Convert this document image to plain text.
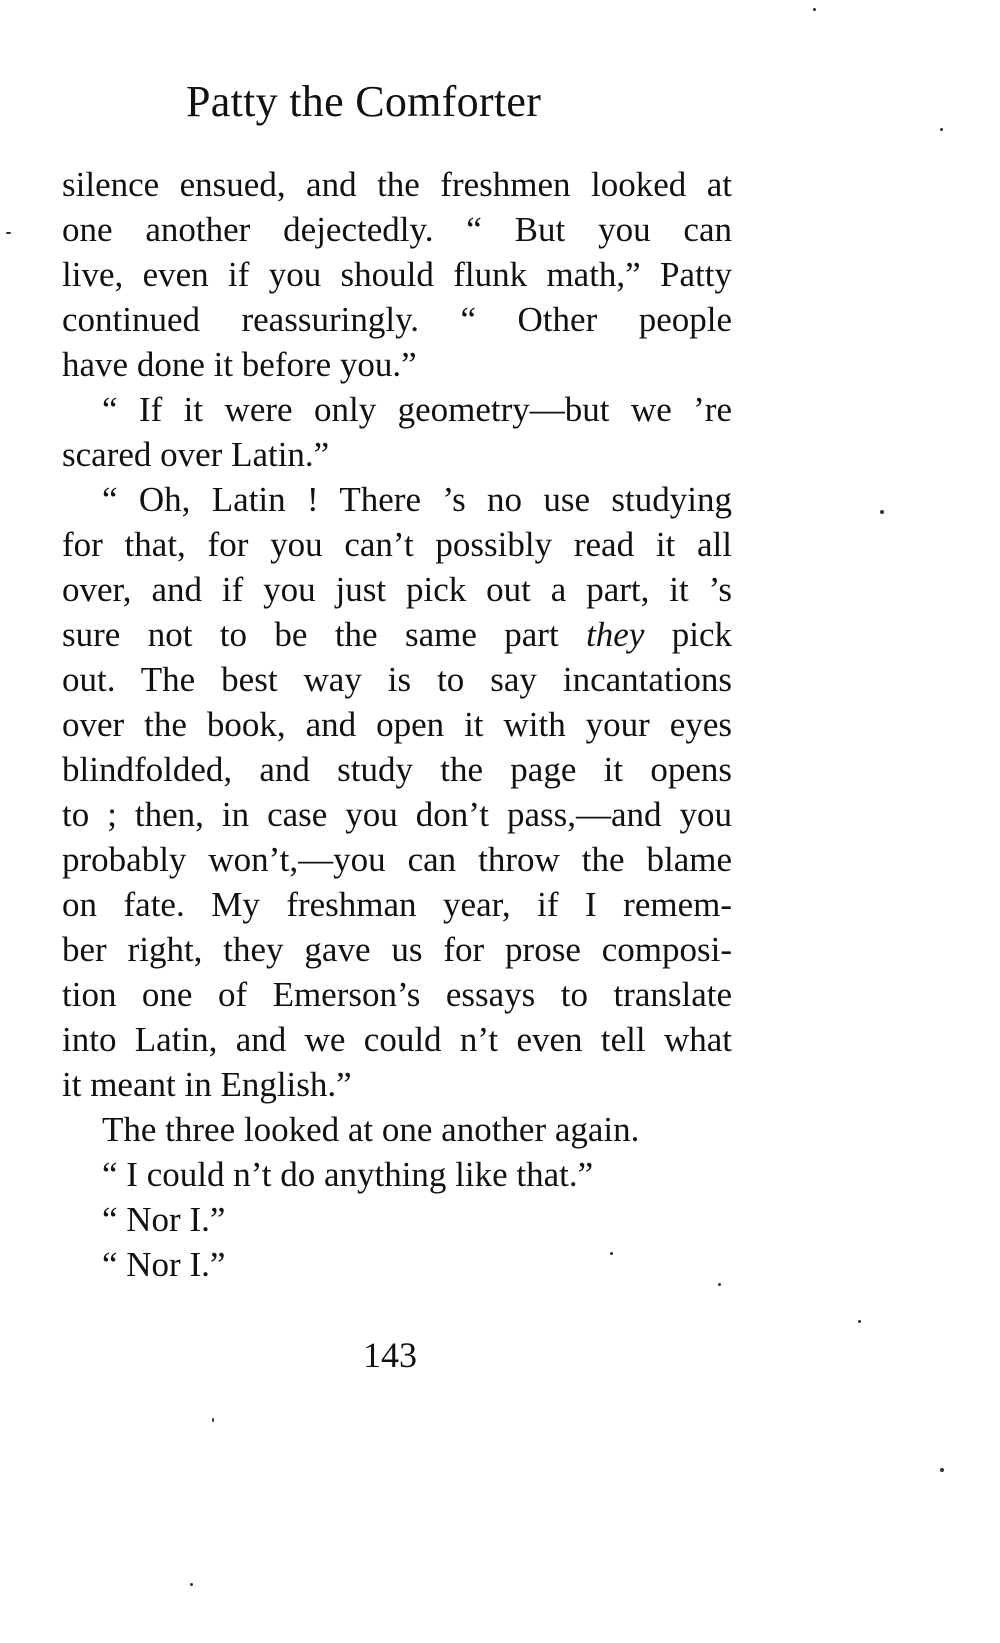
Patty the Comforter
silence ensued, and the freshmen looked at
one another dejectedly. “ But you can
live, even if you should flunk math,” Patty
continued reassuringly. “ Other people
have done it before you.”
“ If it were only geometry—but we ’re
scared over Latin.”
“ Oh, Latin ! There ’s no use studying
for that, for you can’t possibly read it all
over, and if you just pick out a part, it ’s
sure not to be the same part they pick
out. The best way is to say incantations
over the book, and open it with your eyes
blindfolded, and study the page it opens
to ; then, in case you don’t pass,—and you
probably won’t,—you can throw the blame
on fate. My freshman year, if I remem-
ber right, they gave us for prose composi-
tion one of Emerson’s essays to translate
into Latin, and we could n’t even tell what
it meant in English.”
The three looked at one another again.
“ I could n’t do anything like that.”
“ Nor I.”
“ Nor I.”
143
